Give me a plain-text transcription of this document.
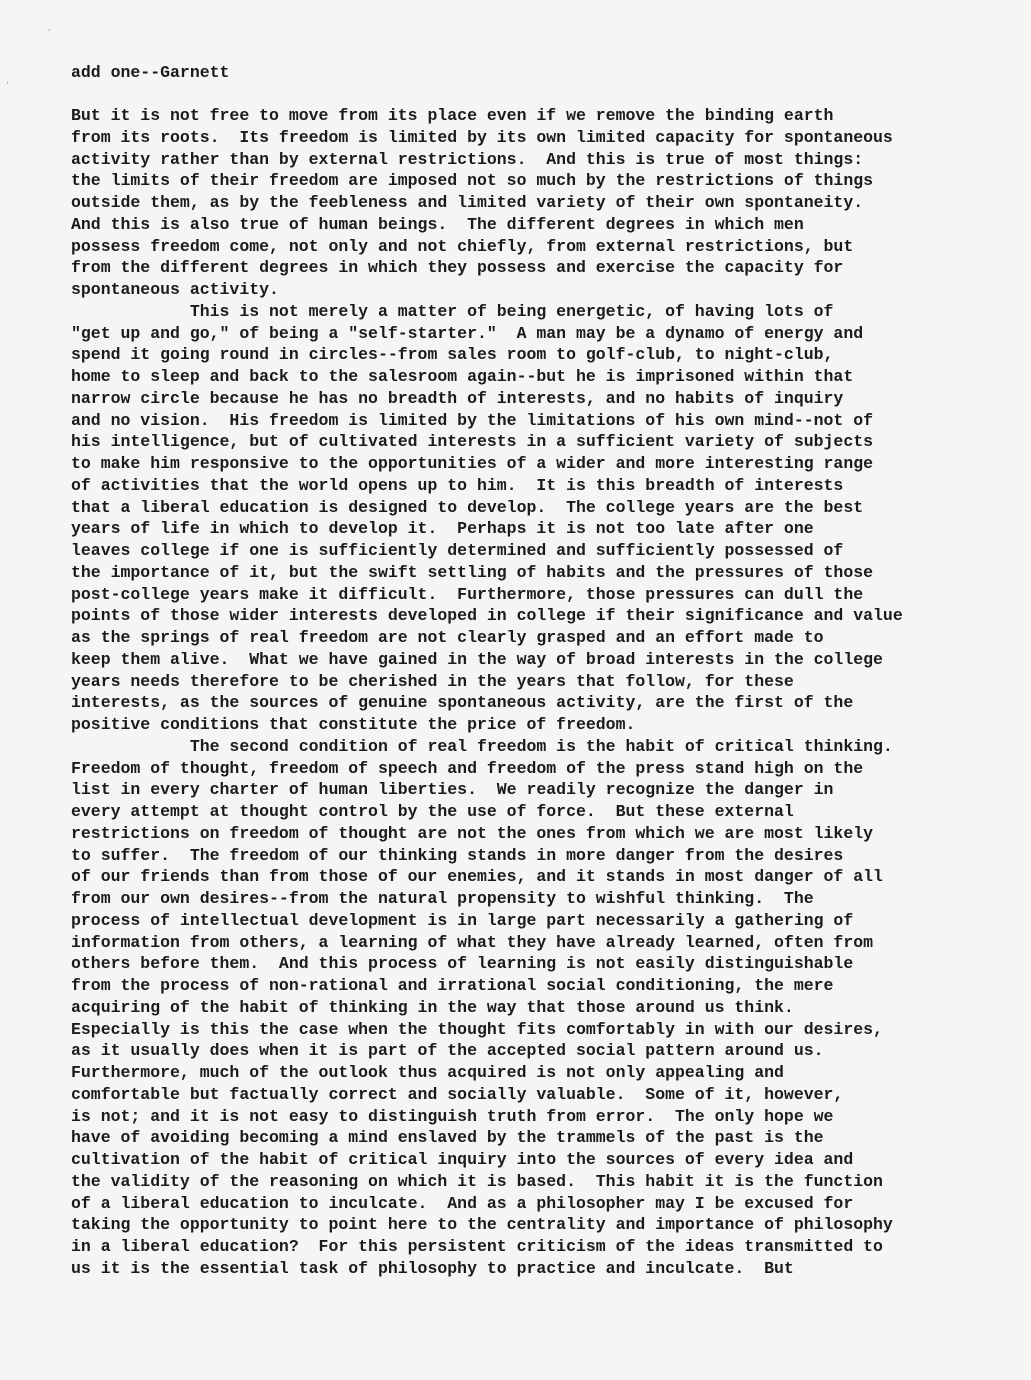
'
,	add one--Garnett
But it is not free to move from its place even if we remove the binding earth
from its roots.  Its freedom is limited by its own limited capacity for spontaneous
activity rather than by external restrictions.  And this is true of most things:
the limits of their freedom are imposed not so much by the restrictions of things
outside them, as by the feebleness and limited variety of their own spontaneity.
And this is also true of human beings.  The different degrees in which men
possess freedom come, not only and not chiefly, from external restrictions, but
from the different degrees in which they possess and exercise the capacity for
spontaneous activity.
This is not merely a matter of being energetic, of having lots of
"get up and go," of being a "self-starter."  A man may be a dynamo of energy and
spend it going round in circles--from sales room to golf-club, to night-club,
home to sleep and back to the salesroom again--but he is imprisoned within that
narrow circle because he has no breadth of interests, and no habits of inquiry
and no vision.  His freedom is limited by the limitations of his own mind--not of
his intelligence, but of cultivated interests in a sufficient variety of subjects
to make him responsive to the opportunities of a wider and more interesting range
of activities that the world opens up to him.  It is this breadth of interests
that a liberal education is designed to develop.  The college years are the best
years of life in which to develop it.  Perhaps it is not too late after one
leaves college if one is sufficiently determined and sufficiently possessed of
the importance of it, but the swift settling of habits and the pressures of those
post-college years make it difficult.  Furthermore, those pressures can dull the
points of those wider interests developed in college if their significance and value
as the springs of real freedom are not clearly grasped and an effort made to
keep them alive.  What we have gained in the way of broad interests in the college
years needs therefore to be cherished in the years that follow, for these
interests, as the sources of genuine spontaneous activity, are the first of the
positive conditions that constitute the price of freedom.
The second condition of real freedom is the habit of critical thinking.
Freedom of thought, freedom of speech and freedom of the press stand high on the
list in every charter of human liberties.  We readily recognize the danger in
every attempt at thought control by the use of force.  But these external
restrictions on freedom of thought are not the ones from which we are most likely
to suffer.  The freedom of our thinking stands in more danger from the desires
of our friends than from those of our enemies, and it stands in most danger of all
from our own desires--from the natural propensity to wishful thinking.  The
process of intellectual development is in large part necessarily a gathering of
information from others, a learning of what they have already learned, often from
others before them.  And this process of learning is not easily distinguishable
from the process of non-rational and irrational social conditioning, the mere
acquiring of the habit of thinking in the way that those around us think.
Especially is this the case when the thought fits comfortably in with our desires,
as it usually does when it is part of the accepted social pattern around us.
Furthermore, much of the outlook thus acquired is not only appealing and
comfortable but factually correct and socially valuable.  Some of it, however,
is not; and it is not easy to distinguish truth from error.  The only hope we
have of avoiding becoming a mind enslaved by the trammels of the past is the
cultivation of the habit of critical inquiry into the sources of every idea and
the validity of the reasoning on which it is based.  This habit it is the function
of a liberal education to inculcate.  And as a philosopher may I be excused for
taking the opportunity to point here to the centrality and importance of philosophy
in a liberal education?  For this persistent criticism of the ideas transmitted to
us it is the essential task of philosophy to practice and inculcate.  But
